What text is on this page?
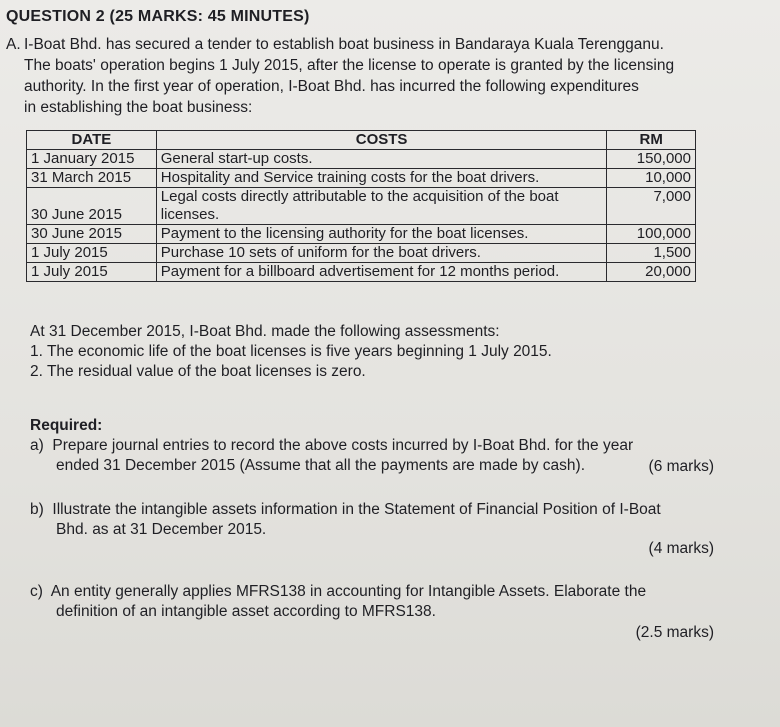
QUESTION 2 (25 MARKS: 45 MINUTES)

A. I-Boat Bhd. has secured a tender to establish boat business in Bandaraya Kuala Terengganu.

The boats' operation begins 1 July 2015, after the license to operate is granted by the licensing

authority. In the first year of operation, I-Boat Bhd. has incurred the following expenditures

in establishing the boat business:

DATE	COSTS	RM
1 January 2015	General start-up costs.	150,000
31 March 2015	Hospitality and Service training costs for the boat drivers.	10,000
30 June 2015	Legal costs directly attributable to the acquisition of the boat licenses.	7,000
30 June 2015	Payment to the licensing authority for the boat licenses.	100,000
1 July 2015	Purchase 10 sets of uniform for the boat drivers.	1,500
1 July 2015	Payment for a billboard advertisement for 12 months period.	20,000

At 31 December 2015, I-Boat Bhd. made the following assessments:

1. The economic life of the boat licenses is five years beginning 1 July 2015.

2. The residual value of the boat licenses is zero.

Required:

a) Prepare journal entries to record the above costs incurred by I-Boat Bhd. for the year

ended 31 December 2015 (Assume that all the payments are made by cash).	(6 marks)

b) Illustrate the intangible assets information in the Statement of Financial Position of I-Boat

Bhd. as at 31 December 2015.

(4 marks)

c) An entity generally applies MFRS138 in accounting for Intangible Assets. Elaborate the

definition of an intangible asset according to MFRS138.

(2.5 marks)
